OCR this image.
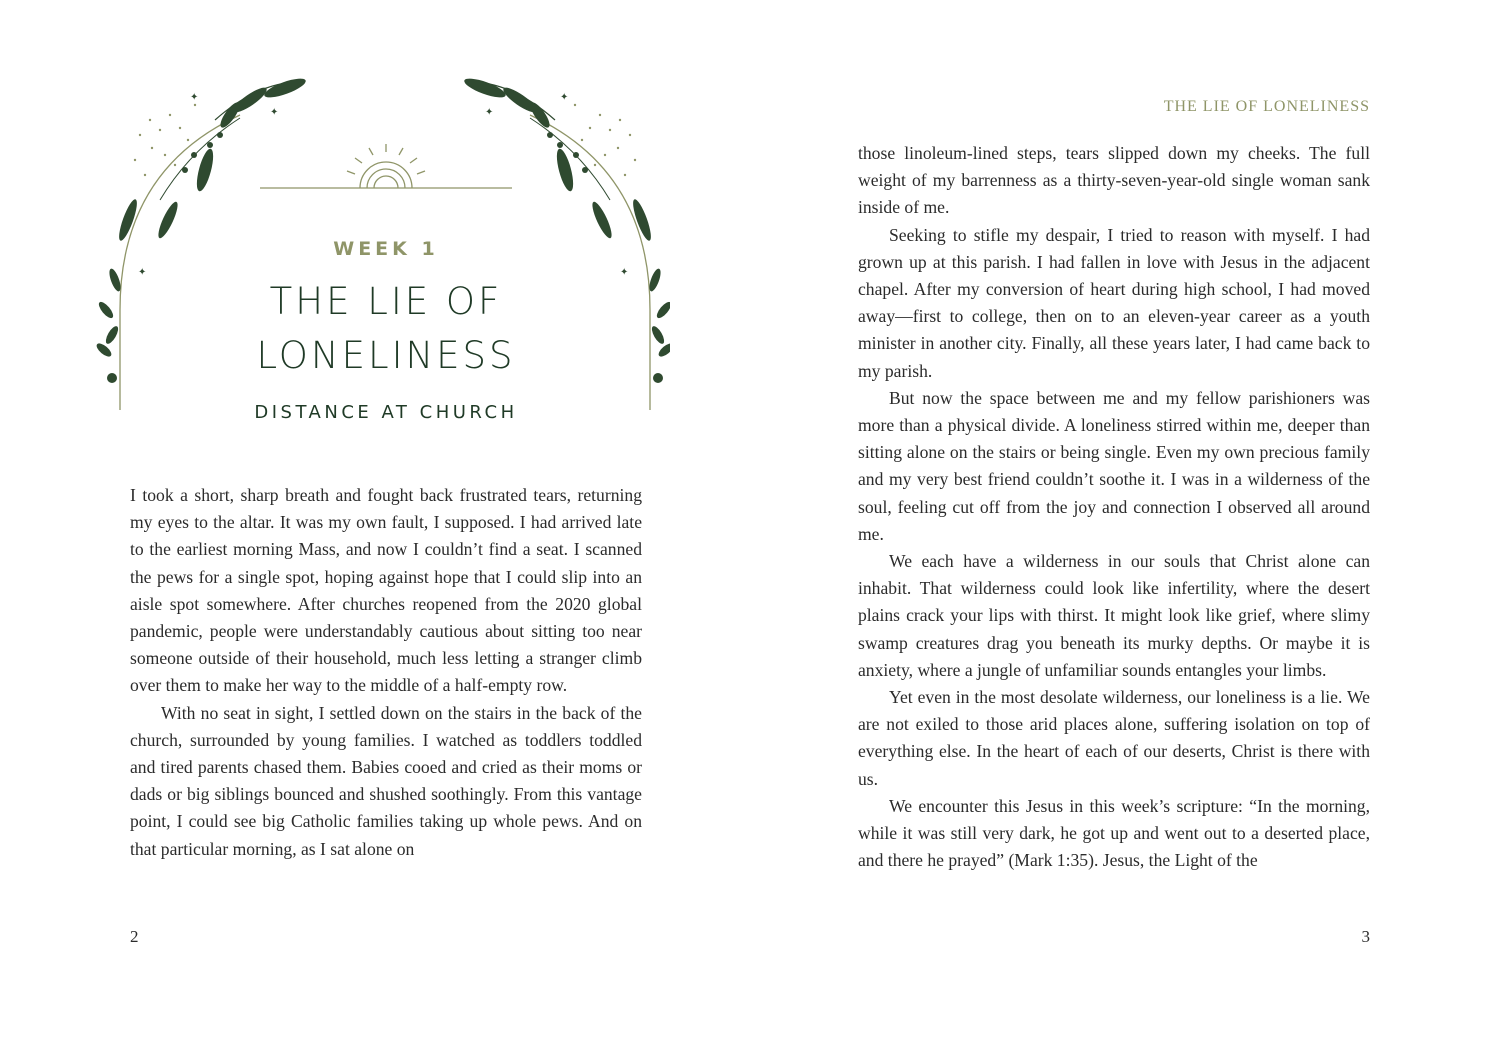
✦
✦
✦
✦
✦	✦
WEEK 1
THE LIE OF
LONELINESS
DISTANCE AT CHURCH

I took a short, sharp breath and fought back frustrated tears, returning my eyes to the altar. It was my own fault, I supposed. I had arrived late to the earliest morning Mass, and now I couldn’t find a seat. I scanned the pews for a single spot, hoping against hope that I could slip into an aisle spot somewhere. After churches reopened from the 2020 global pandemic, people were understandably cautious about sitting too near someone outside of their household, much less letting a stranger climb over them to make her way to the middle of a half-empty row.

With no seat in sight, I settled down on the stairs in the back of the church, surrounded by young families. I watched as toddlers toddled and tired parents chased them. Babies cooed and cried as their moms or dads or big siblings bounced and shushed soothingly. From this vantage point, I could see big Catholic families taking up whole pews. And on that particular morning, as I sat alone on

2
THE LIE OF LONELINESS

those linoleum-lined steps, tears slipped down my cheeks. The full weight of my barrenness as a thirty-seven-year-old single woman sank inside of me.

Seeking to stifle my despair, I tried to reason with myself. I had grown up at this parish. I had fallen in love with Jesus in the adjacent chapel. After my conversion of heart during high school, I had moved away—first to college, then on to an eleven-year career as a youth minister in another city. Finally, all these years later, I had came back to my parish.

But now the space between me and my fellow parishioners was more than a physical divide. A loneliness stirred within me, deeper than sitting alone on the stairs or being single. Even my own precious family and my very best friend couldn’t soothe it. I was in a wilderness of the soul, feeling cut off from the joy and connection I observed all around me.

We each have a wilderness in our souls that Christ alone can inhabit. That wilderness could look like infertility, where the desert plains crack your lips with thirst. It might look like grief, where slimy swamp creatures drag you beneath its murky depths. Or maybe it is anxiety, where a jungle of unfamiliar sounds entangles your limbs.

Yet even in the most desolate wilderness, our loneliness is a lie. We are not exiled to those arid places alone, suffering isolation on top of everything else. In the heart of each of our deserts, Christ is there with us.

We encounter this Jesus in this week’s scripture: “In the morning, while it was still very dark, he got up and went out to a deserted place, and there he prayed” (Mark 1:35). Jesus, the Light of the

3
